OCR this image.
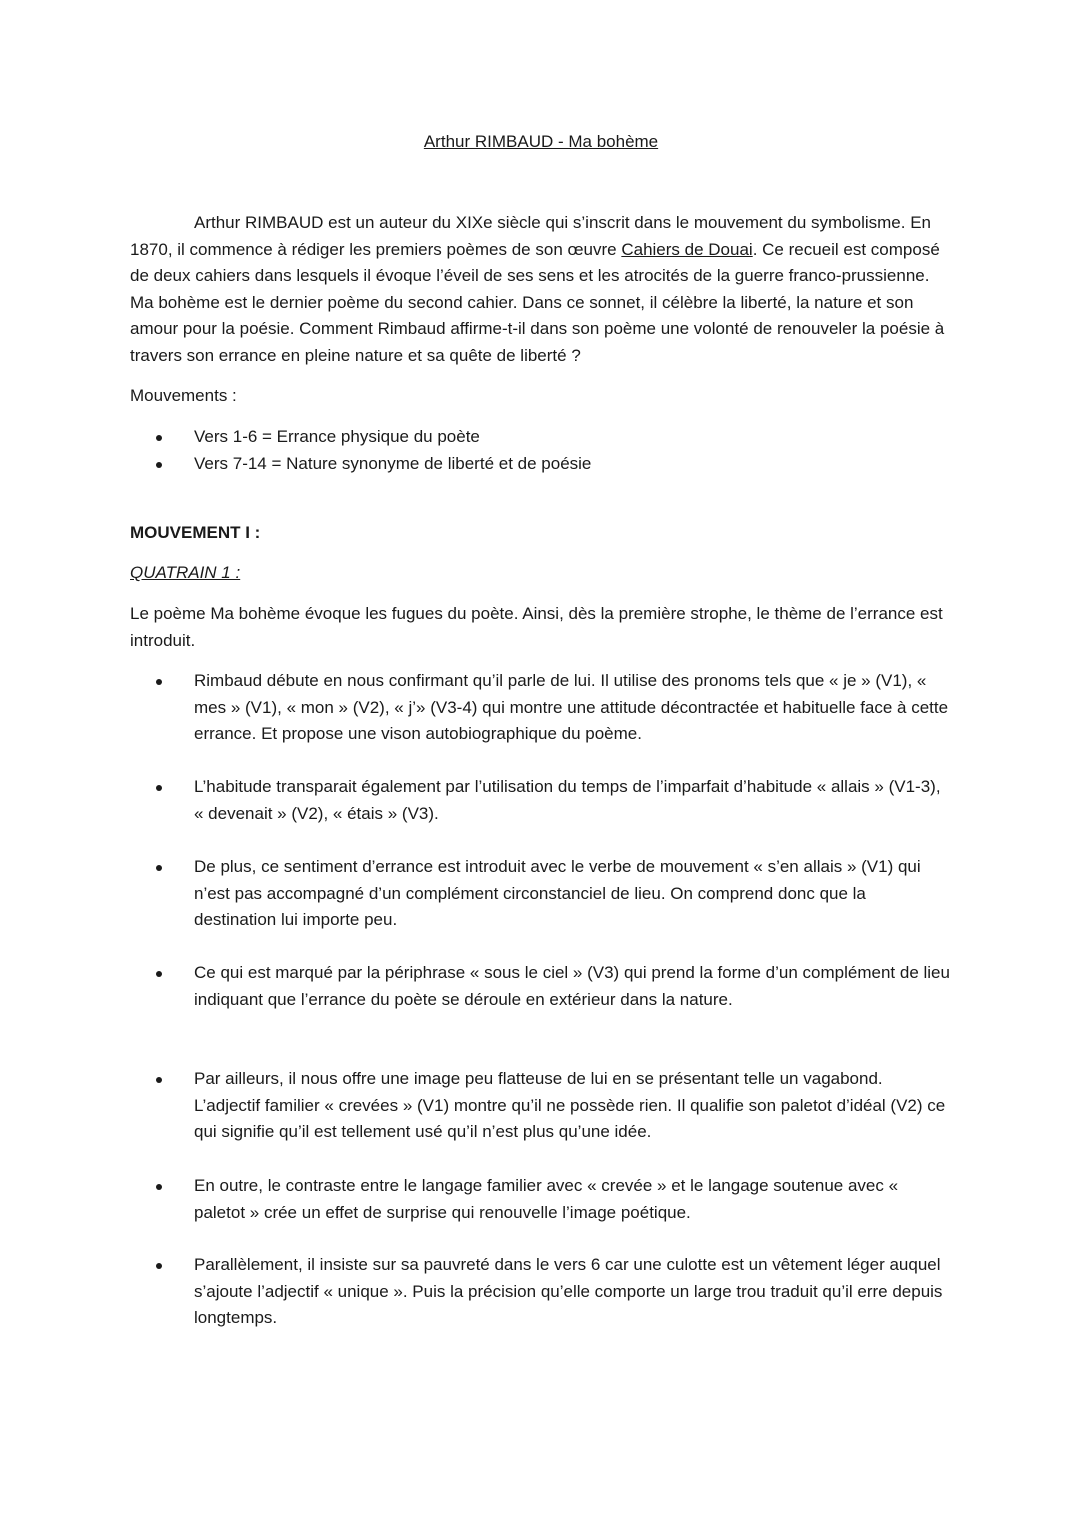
Arthur RIMBAUD - Ma bohème

Arthur RIMBAUD est un auteur du XIXe siècle qui s’inscrit dans le mouvement du symbolisme. En 1870, il commence à rédiger les premiers poèmes de son œuvre Cahiers de Douai. Ce recueil est composé de deux cahiers dans lesquels il évoque l’éveil de ses sens et les atrocités de la guerre franco-prussienne. Ma bohème est le dernier poème du second cahier. Dans ce sonnet, il célèbre la liberté, la nature et son amour pour la poésie. Comment Rimbaud affirme-t-il dans son poème une volonté de renouveler la poésie à travers son errance en pleine nature et sa quête de liberté ?

Mouvements :
Vers 1-6 = Errance physique du poète
Vers 7-14 = Nature synonyme de liberté et de poésie
MOUVEMENT I :
QUATRAIN 1 :
Le poème Ma bohème évoque les fugues du poète. Ainsi, dès la première strophe, le thème de l’errance est introduit.
Rimbaud débute en nous confirmant qu’il parle de lui. Il utilise des pronoms tels que « je » (V1), « mes » (V1), « mon » (V2), « j’» (V3-4) qui montre une attitude décontractée et habituelle face à cette errance. Et propose une vison autobiographique du poème.
L’habitude transparait également par l’utilisation du temps de l’imparfait d’habitude « allais » (V1-3), « devenait » (V2), « étais » (V3).
De plus, ce sentiment d’errance est introduit avec le verbe de mouvement « s’en allais » (V1) qui n’est pas accompagné d’un complément circonstanciel de lieu. On comprend donc que la destination lui importe peu.
Ce qui est marqué par la périphrase « sous le ciel » (V3) qui prend la forme d’un complément de lieu indiquant que l’errance du poète se déroule en extérieur dans la nature.
Par ailleurs, il nous offre une image peu flatteuse de lui en se présentant telle un vagabond. L’adjectif familier « crevées » (V1) montre qu’il ne possède rien. Il qualifie son paletot d’idéal (V2) ce qui signifie qu’il est tellement usé qu’il n’est plus qu’une idée.
En outre, le contraste entre le langage familier avec « crevée » et le langage soutenue avec « paletot » crée un effet de surprise qui renouvelle l’image poétique.
Parallèlement, il insiste sur sa pauvreté dans le vers 6 car une culotte est un vêtement léger auquel s’ajoute l’adjectif « unique ». Puis la précision qu’elle comporte un large trou traduit qu’il erre depuis longtemps.
